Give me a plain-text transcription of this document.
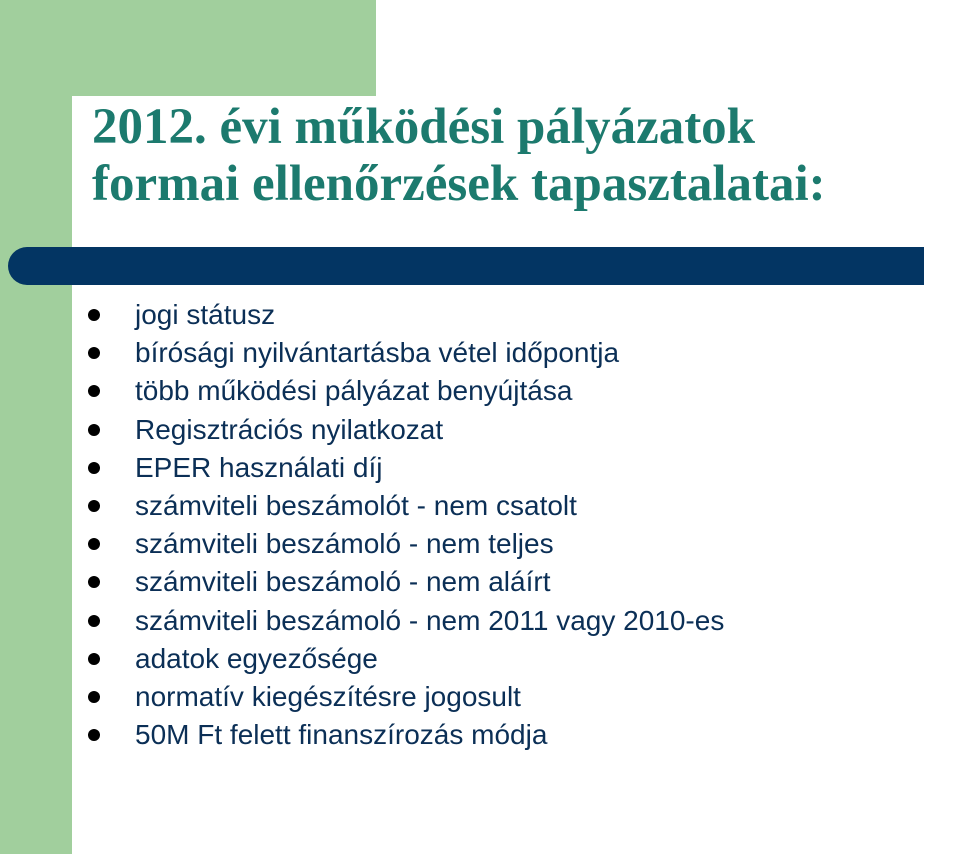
2012. évi működési pályázatok
formai ellenőrzések tapasztalatai:
jogi státusz
bírósági nyilvántartásba vétel időpontja
több működési pályázat benyújtása
Regisztrációs nyilatkozat
EPER használati díj
számviteli beszámolót - nem csatolt
számviteli beszámoló - nem teljes
számviteli beszámoló - nem aláírt
számviteli beszámoló - nem 2011 vagy 2010-es
adatok egyezősége
normatív kiegészítésre jogosult
50M Ft felett finanszírozás módja
